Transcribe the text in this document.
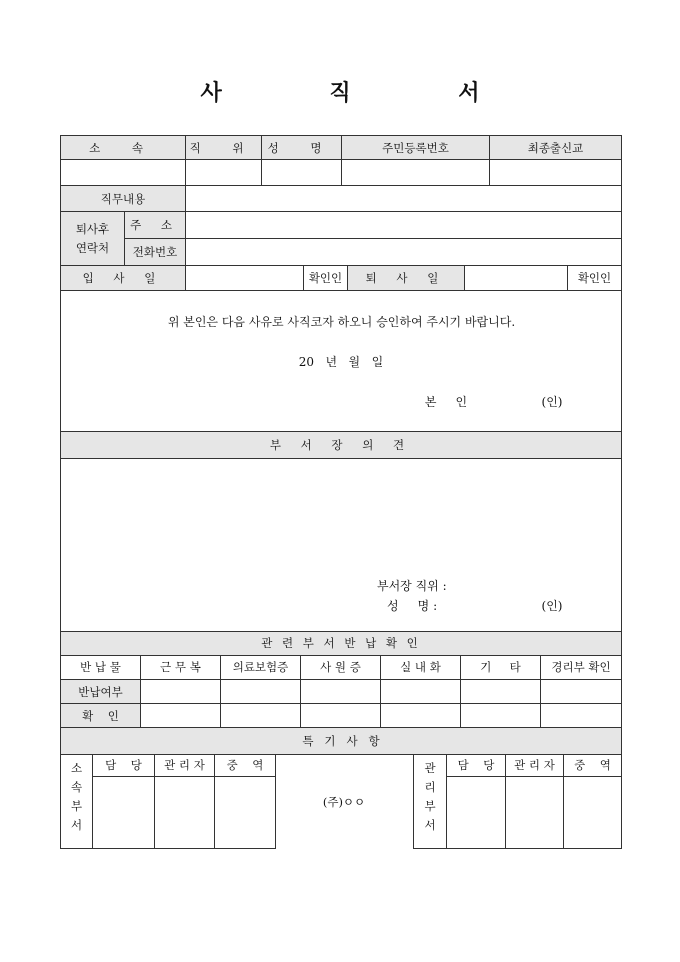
사 직 서
소 속		직 위	성 명	주민등록번호	최종출신교

직무내용					

퇴사후
연락처	주 소				
	전화번호				
입 사 일		확인인	퇴 사 일		확인인
위 본인은 다음 사유로 사직코자 하오니 승인하여 주시기 바랍니다.
20   년   월   일
본     인	(인)

부 서 장 의 견

부서장 직위 :
성     명 :	(인)

관 련 부 서 반 납 확 인
반 납 물	근 무 복	의료보험증	사 원 증	실 내 화	기     타	경리부 확인
반납여부						
확    인						
특   기   사   항
소
속
부
서	담    당	관 리 자	중    역

(주)ㅇㅇ
관
리
부
서	담    당	관 리 자	중    역
